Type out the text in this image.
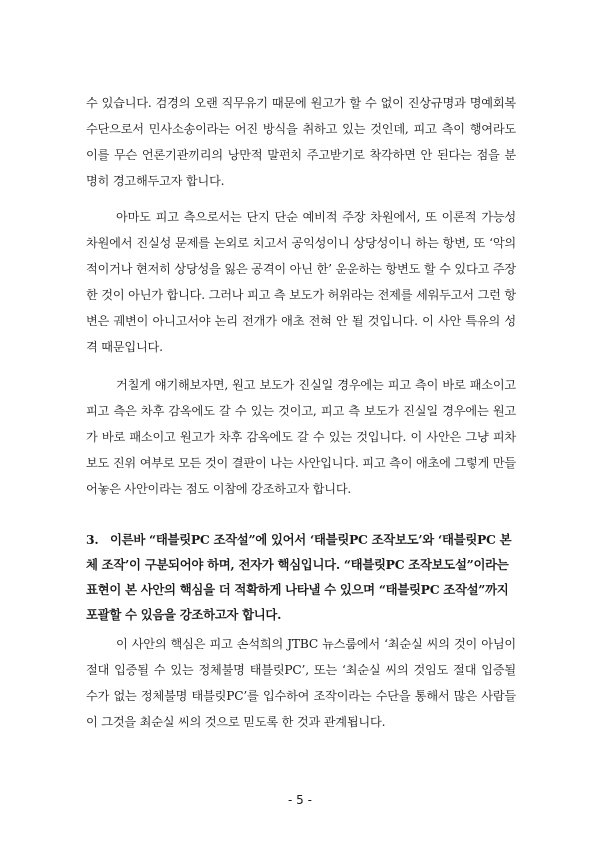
수 있습니다. 검경의 오랜 직무유기 때문에 원고가 할 수 없이 진상규명과 명예회복 수단으로서 민사소송이라는 어진 방식을 취하고 있는 것인데, 피고 측이 행여라도 이를 무슨 언론기관끼리의 낭만적 말펀치 주고받기로 착각하면 안 된다는 점을 분명히 경고해두고자 합니다.

아마도 피고 측으로서는 단지 단순 예비적 주장 차원에서, 또 이론적 가능성 차원에서 진실성 문제를 논외로 치고서 공익성이니 상당성이니 하는 항변, 또 ‘악의적이거나 현저히 상당성을 잃은 공격이 아닌 한’ 운운하는 항변도 할 수 있다고 주장한 것이 아닌가 합니다. 그러나 피고 측 보도가 허위라는 전제를 세워두고서 그런 항변은 궤변이 아니고서야 논리 전개가 애초 전혀 안 될 것입니다. 이 사안 특유의 성격 때문입니다.

거칠게 얘기해보자면, 원고 보도가 진실일 경우에는 피고 측이 바로 패소이고 피고 측은 차후 감옥에도 갈 수 있는 것이고, 피고 측 보도가 진실일 경우에는 원고가 바로 패소이고 원고가 차후 감옥에도 갈 수 있는 것입니다. 이 사안은 그냥 피차 보도 진위 여부로 모든 것이 결판이 나는 사안입니다. 피고 측이 애초에 그렇게 만들어놓은 사안이라는 점도 이참에 강조하고자 합니다.

3. 이른바 “태블릿PC 조작설”에 있어서 ‘태블릿PC 조작보도’와 ‘태블릿PC 본체 조작’이 구분되어야 하며, 전자가 핵심입니다. “태블릿PC 조작보도설”이라는 표현이 본 사안의 핵심을 더 적확하게 나타낼 수 있으며 “태블릿PC 조작설”까지 포괄할 수 있음을 강조하고자 합니다.

이 사안의 핵심은 피고 손석희의 JTBC 뉴스룸에서 ‘최순실 씨의 것이 아님이 절대 입증될 수 있는 정체불명 태블릿PC’, 또는 ‘최순실 씨의 것임도 절대 입증될 수가 없는 정체불명 태블릿PC’를 입수하여 조작이라는 수단을 통해서 많은 사람들이 그것을 최순실 씨의 것으로 믿도록 한 것과 관계됩니다.

- 5 -
